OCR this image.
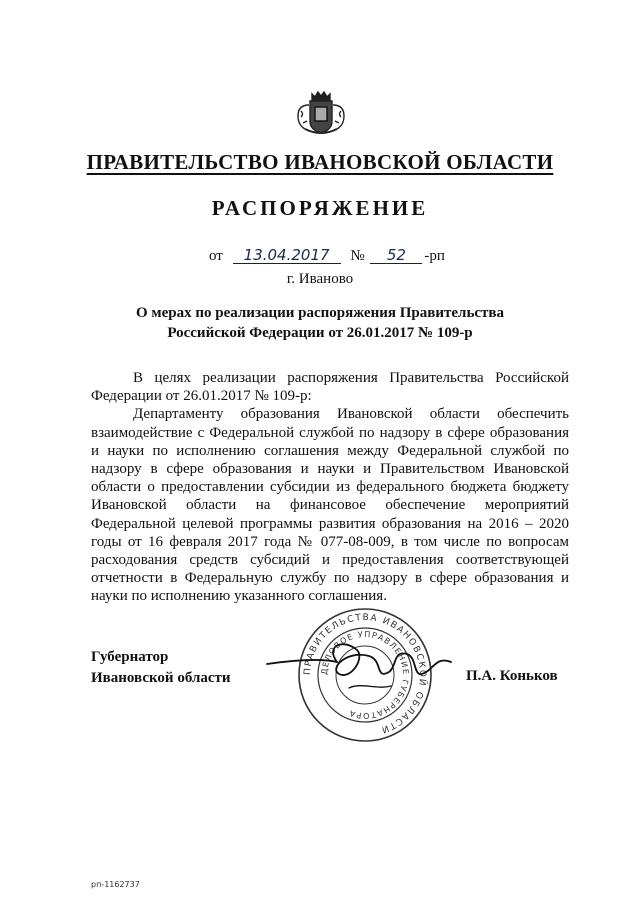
ПРАВИТЕЛЬСТВО ИВАНОВСКОЙ ОБЛАСТИ
РАСПОРЯЖЕНИЕ
от 13.04.2017 № 52 -рп
г. Иваново
О мерах по реализации распоряжения Правительства
Российской Федерации от 26.01.2017 № 109-р

В целях реализации распоряжения Правительства Российской Федерации от 26.01.2017 № 109-р:

Департаменту образования Ивановской области обеспечить взаимодействие с Федеральной службой по надзору в сфере образования и науки по исполнению соглашения между Федеральной службой по надзору в сфере образования и науки и Правительством Ивановской области о предоставлении субсидии из федерального бюджета бюджету Ивановской области на финансовое обеспечение мероприятий Федеральной целевой программы развития образования на 2016 – 2020 годы от 16 февраля 2017 года № 077-08-009, в том числе по вопросам расходования средств субсидий и предоставления соответствующей отчетности в Федеральную службу по надзору в сфере образования и науки по исполнению указанного соглашения.

Губернатор
Ивановской области	ПРАВИТЕЛЬСТВА ИВАНОВСКОЙ ОБЛАСТИ
ДЕЛОВОЕ УПРАВЛЕНИЕ ГУБЕРНАТОРА
П.А. Коньков
рп-1162737
